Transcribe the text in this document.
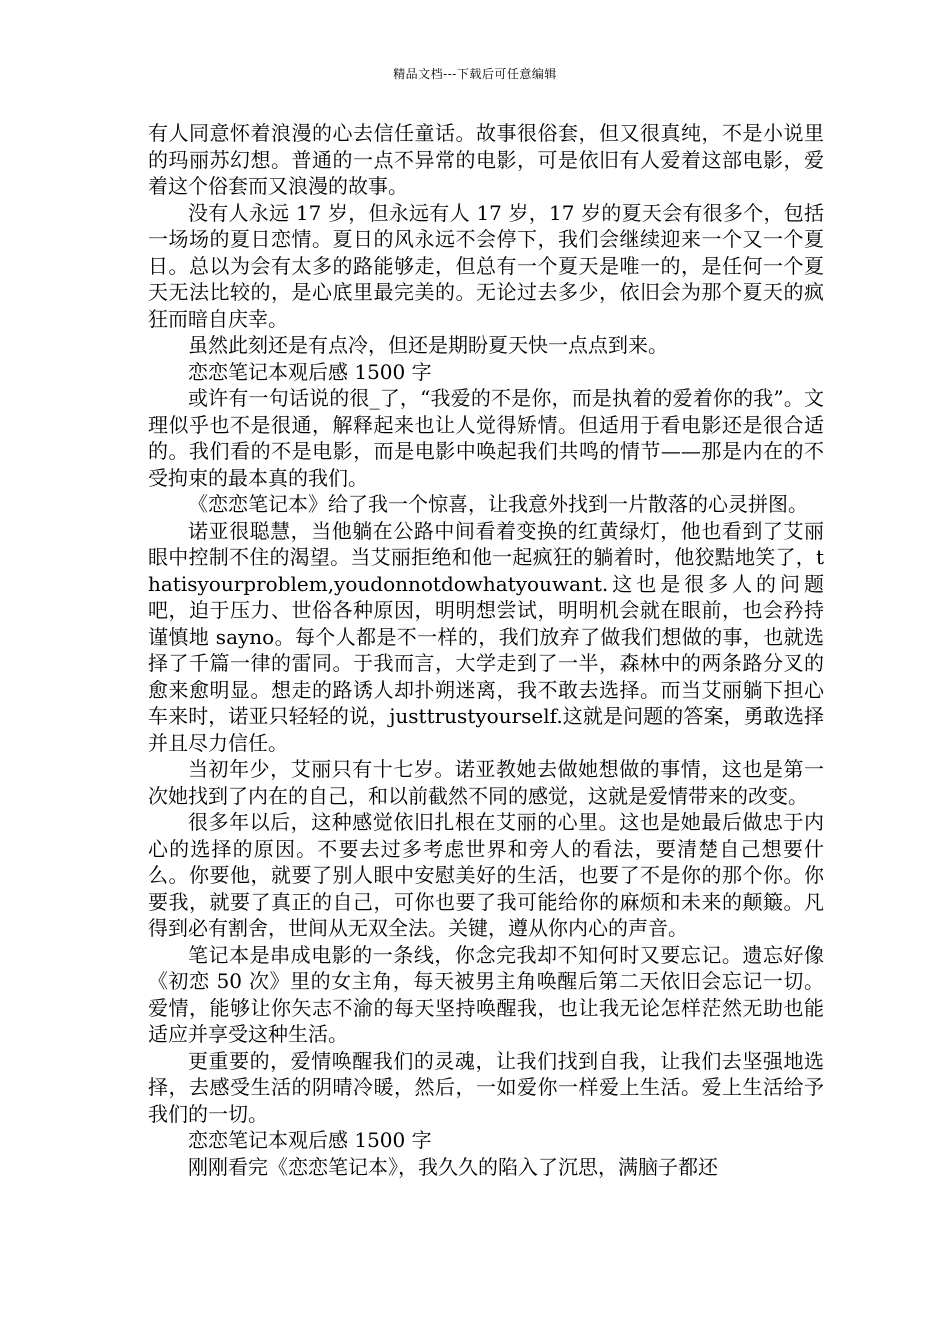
精品文档---下载后可任意编辑

有人同意怀着浪漫的心去信任童话。故事很俗套，但又很真纯，不是小说里的玛丽苏幻想。普通的一点不异常的电影，可是依旧有人爱着这部电影，爱着这个俗套而又浪漫的故事。

没有人永远 17 岁，但永远有人 17 岁，17 岁的夏天会有很多个，包括一场场的夏日恋情。夏日的风永远不会停下，我们会继续迎来一个又一个夏日。总以为会有太多的路能够走，但总有一个夏天是唯一的，是任何一个夏天无法比较的，是心底里最完美的。无论过去多少，依旧会为那个夏天的疯狂而暗自庆幸。

虽然此刻还是有点冷，但还是期盼夏天快一点点到来。

恋恋笔记本观后感 1500 字

或许有一句话说的很_了，“我爱的不是你，而是执着的爱着你的我”。文理似乎也不是很通，解释起来也让人觉得矫情。但适用于看电影还是很合适的。我们看的不是电影，而是电影中唤起我们共鸣的情节——那是内在的不受拘束的最本真的我们。

《恋恋笔记本》给了我一个惊喜，让我意外找到一片散落的心灵拼图。

诺亚很聪慧，当他躺在公路中间看着变换的红黄绿灯，他也看到了艾丽眼中控制不住的渴望。当艾丽拒绝和他一起疯狂的躺着时，他狡黠地笑了，thatisyourproblem,youdonnotdowhatyouwant.这也是很多人的问题吧，迫于压力、世俗各种原因，明明想尝试，明明机会就在眼前，也会矜持谨慎地 sayno。每个人都是不一样的，我们放弃了做我们想做的事，也就选择了千篇一律的雷同。于我而言，大学走到了一半，森林中的两条路分叉的愈来愈明显。想走的路诱人却扑朔迷离，我不敢去选择。而当艾丽躺下担心车来时，诺亚只轻轻的说，justtrustyourself.这就是问题的答案，勇敢选择并且尽力信任。

当初年少，艾丽只有十七岁。诺亚教她去做她想做的事情，这也是第一次她找到了内在的自己，和以前截然不同的感觉，这就是爱情带来的改变。

很多年以后，这种感觉依旧扎根在艾丽的心里。这也是她最后做忠于内心的选择的原因。不要去过多考虑世界和旁人的看法，要清楚自己想要什么。你要他，就要了别人眼中安慰美好的生活，也要了不是你的那个你。你要我，就要了真正的自己，可你也要了我可能给你的麻烦和未来的颠簸。凡得到必有割舍，世间从无双全法。关键，遵从你内心的声音。

笔记本是串成电影的一条线，你念完我却不知何时又要忘记。遗忘好像《初恋 50 次》里的女主角，每天被男主角唤醒后第二天依旧会忘记一切。爱情，能够让你矢志不渝的每天坚持唤醒我，也让我无论怎样茫然无助也能适应并享受这种生活。

更重要的，爱情唤醒我们的灵魂，让我们找到自我，让我们去坚强地选择，去感受生活的阴晴冷暖，然后，一如爱你一样爱上生活。爱上生活给予我们的一切。

恋恋笔记本观后感 1500 字

刚刚看完《恋恋笔记本》，我久久的陷入了沉思，满脑子都还
